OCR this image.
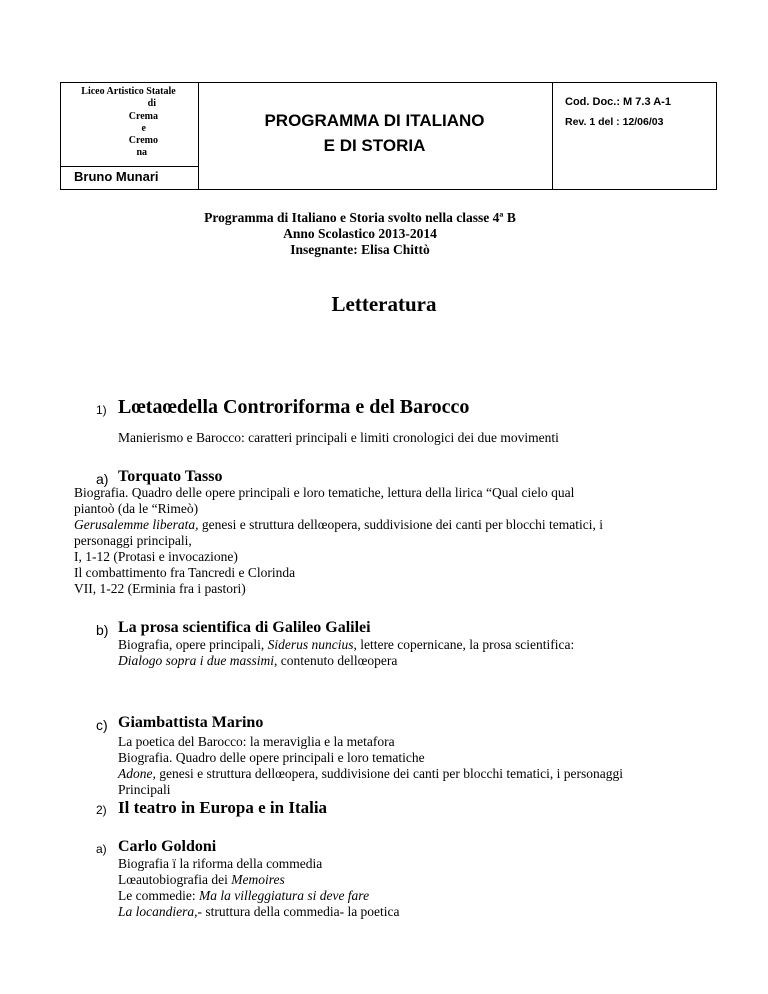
Liceo Artistico Statale
di
Crema
e
Cremo
na
Bruno Munari
PROGRAMMA DI ITALIANO
E DI STORIA
Cod. Doc.: M 7.3 A-1
Rev. 1 del : 12/06/03
Programma di Italiano e Storia svolto nella classe 4ª B
Anno Scolastico 2013-2014
Insegnante: Elisa Chittò
Letteratura
1) Lœtaœdella Controriforma e del Barocco
Manierismo e Barocco: caratteri principali e limiti cronologici dei due movimenti
a) Torquato Tasso
Biografia. Quadro delle opere principali e loro tematiche, lettura della lirica “Qual cielo qual
piantoò (da le “Rimeò)
Gerusalemme liberata, genesi e struttura dellœopera, suddivisione dei canti per blocchi tematici, i
personaggi principali,
I, 1-12 (Protasi e invocazione)
Il combattimento fra Tancredi e Clorinda
VII, 1-22 (Erminia fra i pastori)
b) La prosa scientifica di Galileo Galilei
Biografia, opere principali, Siderus nuncius, lettere copernicane, la prosa scientifica:
Dialogo sopra i due massimi, contenuto dellœopera
c) Giambattista Marino
La poetica del Barocco: la meraviglia e la metafora
Biografia. Quadro delle opere principali e loro tematiche
Adone, genesi e struttura dellœopera, suddivisione dei canti per blocchi tematici, i personaggi
Principali
2) Il teatro in Europa e in Italia
a) Carlo Goldoni
Biografia ï la riforma della commedia
Lœautobiografia dei Memoires
Le commedie: Ma la villeggiatura si deve fare
La locandiera,- struttura della commedia- la poetica
